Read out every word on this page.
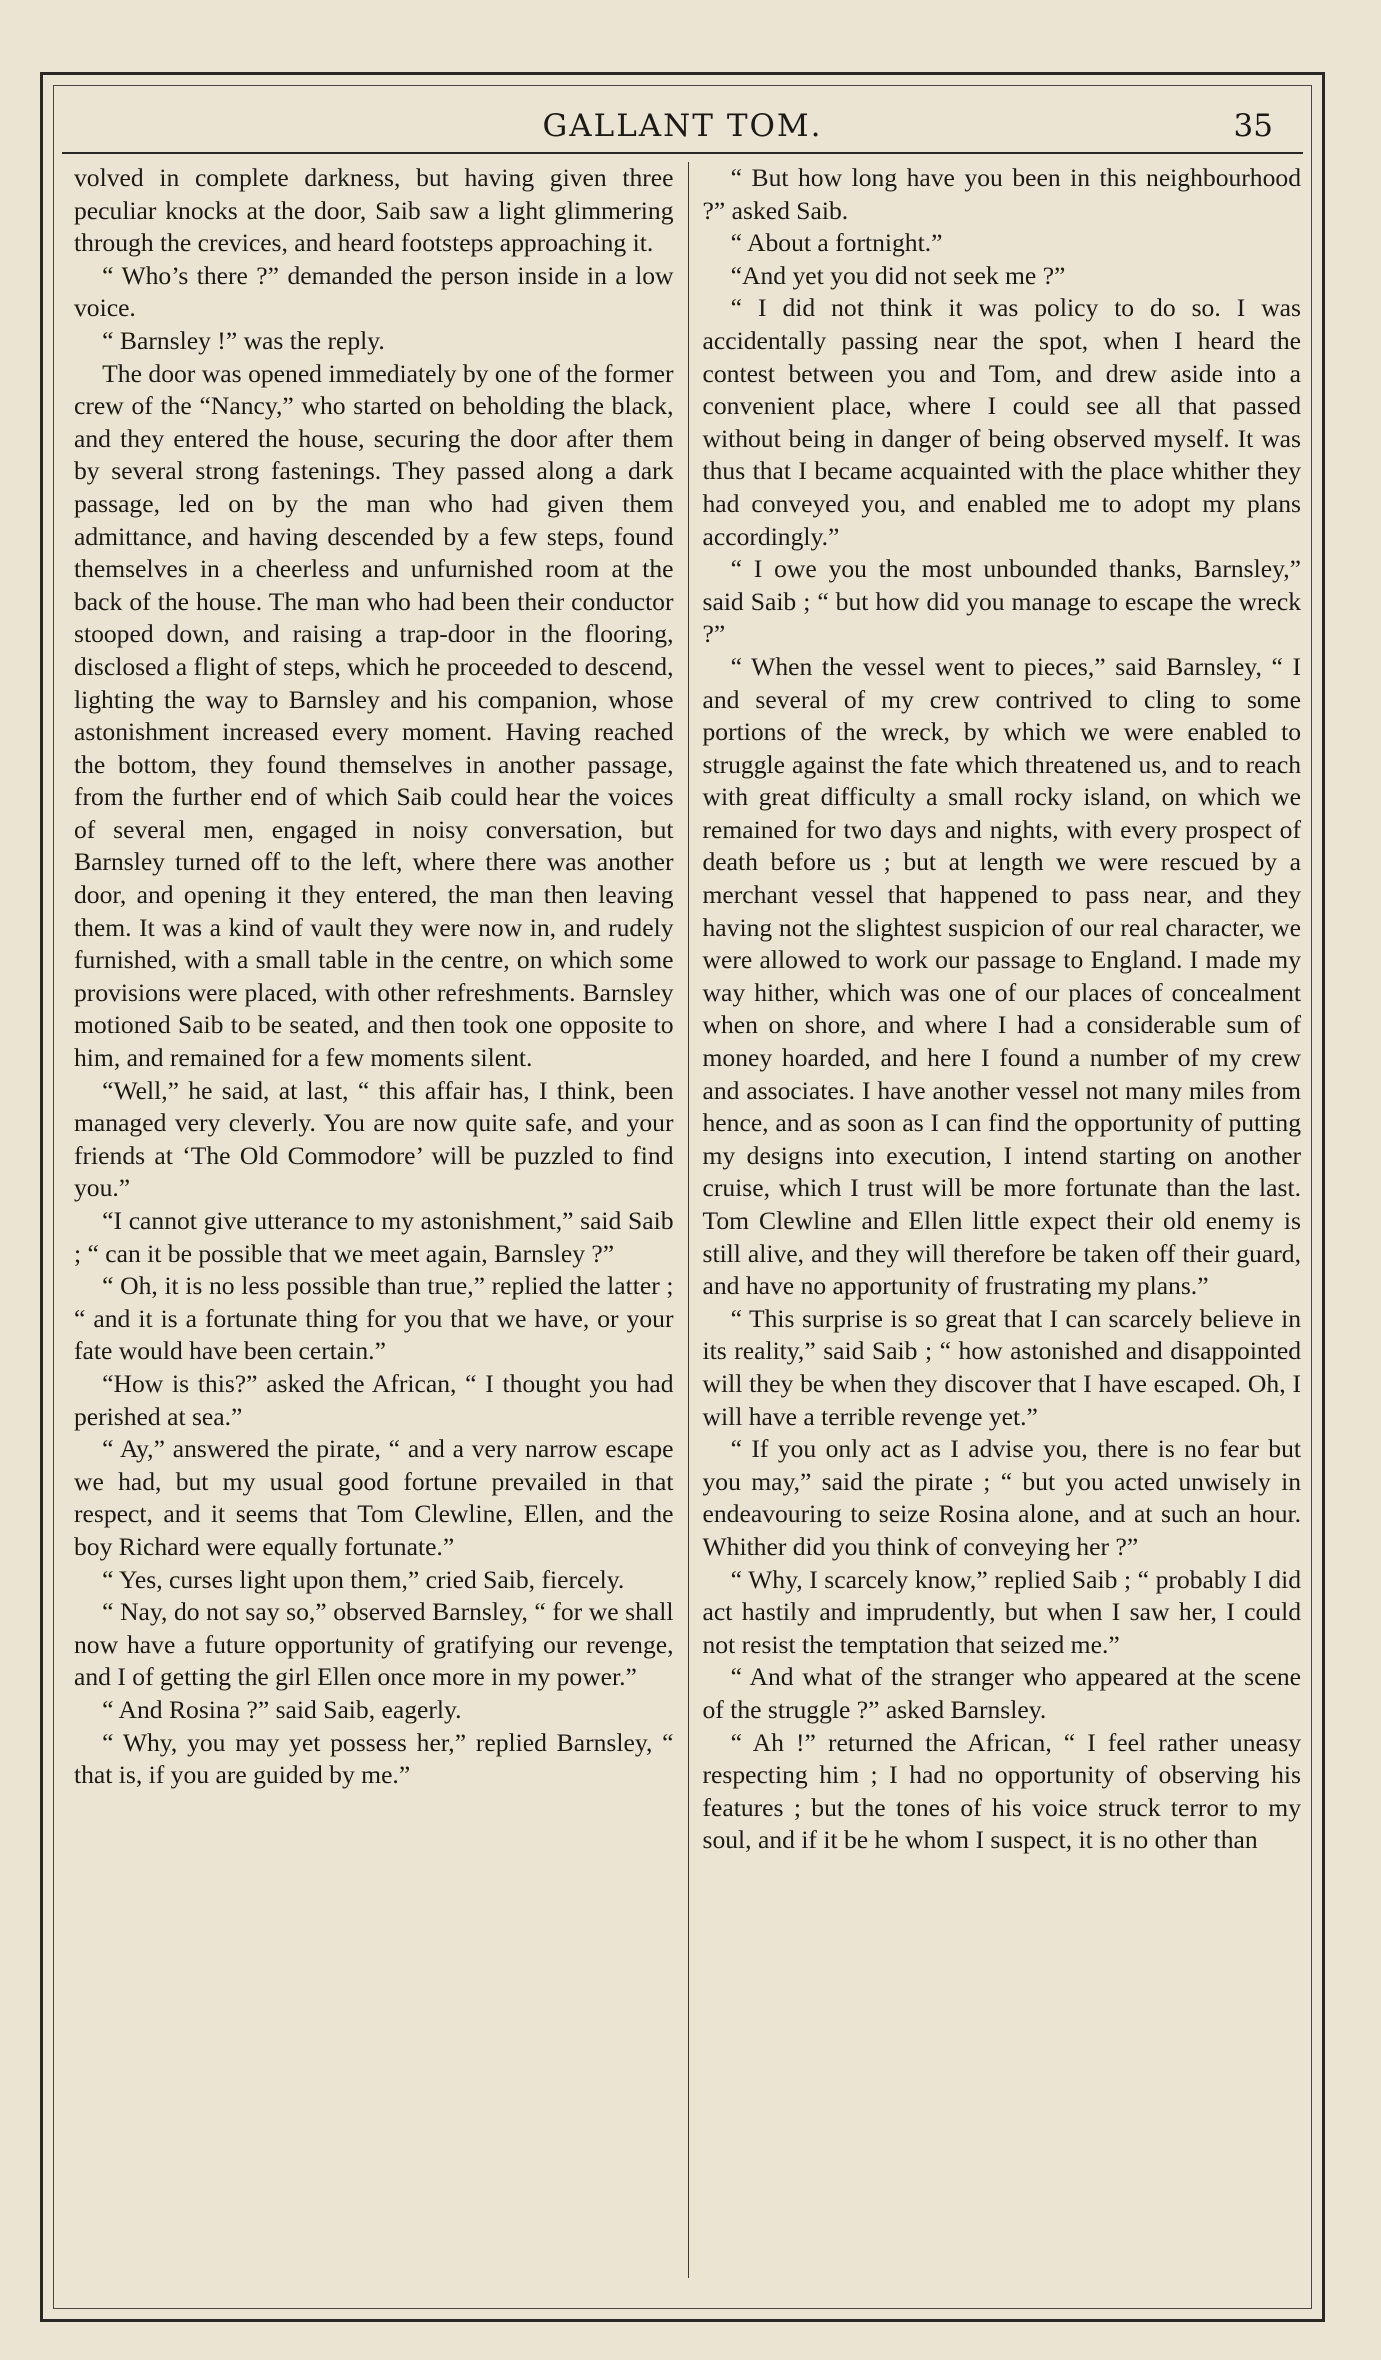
GALLANT TOM.	35

volved in complete darkness, but having given three peculiar knocks at the door, Saib saw a light glimmering through the crevices, and heard footsteps approaching it.

“ Who’s there ?” demanded the person inside in a low voice.

“ Barnsley !” was the reply.

The door was opened immediately by one of the former crew of the “Nancy,” who started on beholding the black, and they entered the house, securing the door after them by several strong fastenings. They passed along a dark passage, led on by the man who had given them admittance, and having descended by a few steps, found themselves in a cheerless and unfurnished room at the back of the house. The man who had been their conductor stooped down, and raising a trap-door in the flooring, disclosed a flight of steps, which he proceeded to descend, lighting the way to Barnsley and his companion, whose astonishment increased every moment. Having reached the bottom, they found themselves in another passage, from the further end of which Saib could hear the voices of several men, engaged in noisy conversation, but Barnsley turned off to the left, where there was another door, and opening it they entered, the man then leaving them. It was a kind of vault they were now in, and rudely furnished, with a small table in the centre, on which some provisions were placed, with other refreshments. Barnsley motioned Saib to be seated, and then took one opposite to him, and remained for a few moments silent.

“Well,” he said, at last, “ this affair has, I think, been managed very cleverly. You are now quite safe, and your friends at ‘The Old Commodore’ will be puzzled to find you.”

“I cannot give utterance to my astonishment,” said Saib ; “ can it be possible that we meet again, Barnsley ?”

“ Oh, it is no less possible than true,” replied the latter ; “ and it is a fortunate thing for you that we have, or your fate would have been certain.”

“How is this?” asked the African, “ I thought you had perished at sea.”

“ Ay,” answered the pirate, “ and a very narrow escape we had, but my usual good fortune prevailed in that respect, and it seems that Tom Clewline, Ellen, and the boy Richard were equally fortunate.”

“ Yes, curses light upon them,” cried Saib, fiercely.

“ Nay, do not say so,” observed Barnsley, “ for we shall now have a future opportunity of gratifying our revenge, and I of getting the girl Ellen once more in my power.”

“ And Rosina ?” said Saib, eagerly.

“ Why, you may yet possess her,” replied Barnsley, “ that is, if you are guided by me.”

“ But how long have you been in this neighbourhood ?” asked Saib.

“ About a fortnight.”

“And yet you did not seek me ?”

“ I did not think it was policy to do so. I was accidentally passing near the spot, when I heard the contest between you and Tom, and drew aside into a convenient place, where I could see all that passed without being in danger of being observed myself. It was thus that I became acquainted with the place whither they had conveyed you, and enabled me to adopt my plans accordingly.”

“ I owe you the most unbounded thanks, Barnsley,” said Saib ; “ but how did you manage to escape the wreck ?”

“ When the vessel went to pieces,” said Barnsley, “ I and several of my crew contrived to cling to some portions of the wreck, by which we were enabled to struggle against the fate which threatened us, and to reach with great difficulty a small rocky island, on which we remained for two days and nights, with every prospect of death before us ; but at length we were rescued by a merchant vessel that happened to pass near, and they having not the slightest suspicion of our real character, we were allowed to work our passage to England. I made my way hither, which was one of our places of concealment when on shore, and where I had a considerable sum of money hoarded, and here I found a number of my crew and associates. I have another vessel not many miles from hence, and as soon as I can find the opportunity of putting my designs into execution, I intend starting on another cruise, which I trust will be more fortunate than the last. Tom Clewline and Ellen little expect their old enemy is still alive, and they will therefore be taken off their guard, and have no apportunity of frustrating my plans.”

“ This surprise is so great that I can scarcely believe in its reality,” said Saib ; “ how astonished and disappointed will they be when they discover that I have escaped. Oh, I will have a terrible revenge yet.”

“ If you only act as I advise you, there is no fear but you may,” said the pirate ; “ but you acted unwisely in endeavouring to seize Rosina alone, and at such an hour. Whither did you think of conveying her ?”

“ Why, I scarcely know,” replied Saib ; “ probably I did act hastily and imprudently, but when I saw her, I could not resist the temptation that seized me.”

“ And what of the stranger who appeared at the scene of the struggle ?” asked Barnsley.

“ Ah !” returned the African, “ I feel rather uneasy respecting him ; I had no opportunity of observing his features ; but the tones of his voice struck terror to my soul, and if it be he whom I suspect, it is no other than
